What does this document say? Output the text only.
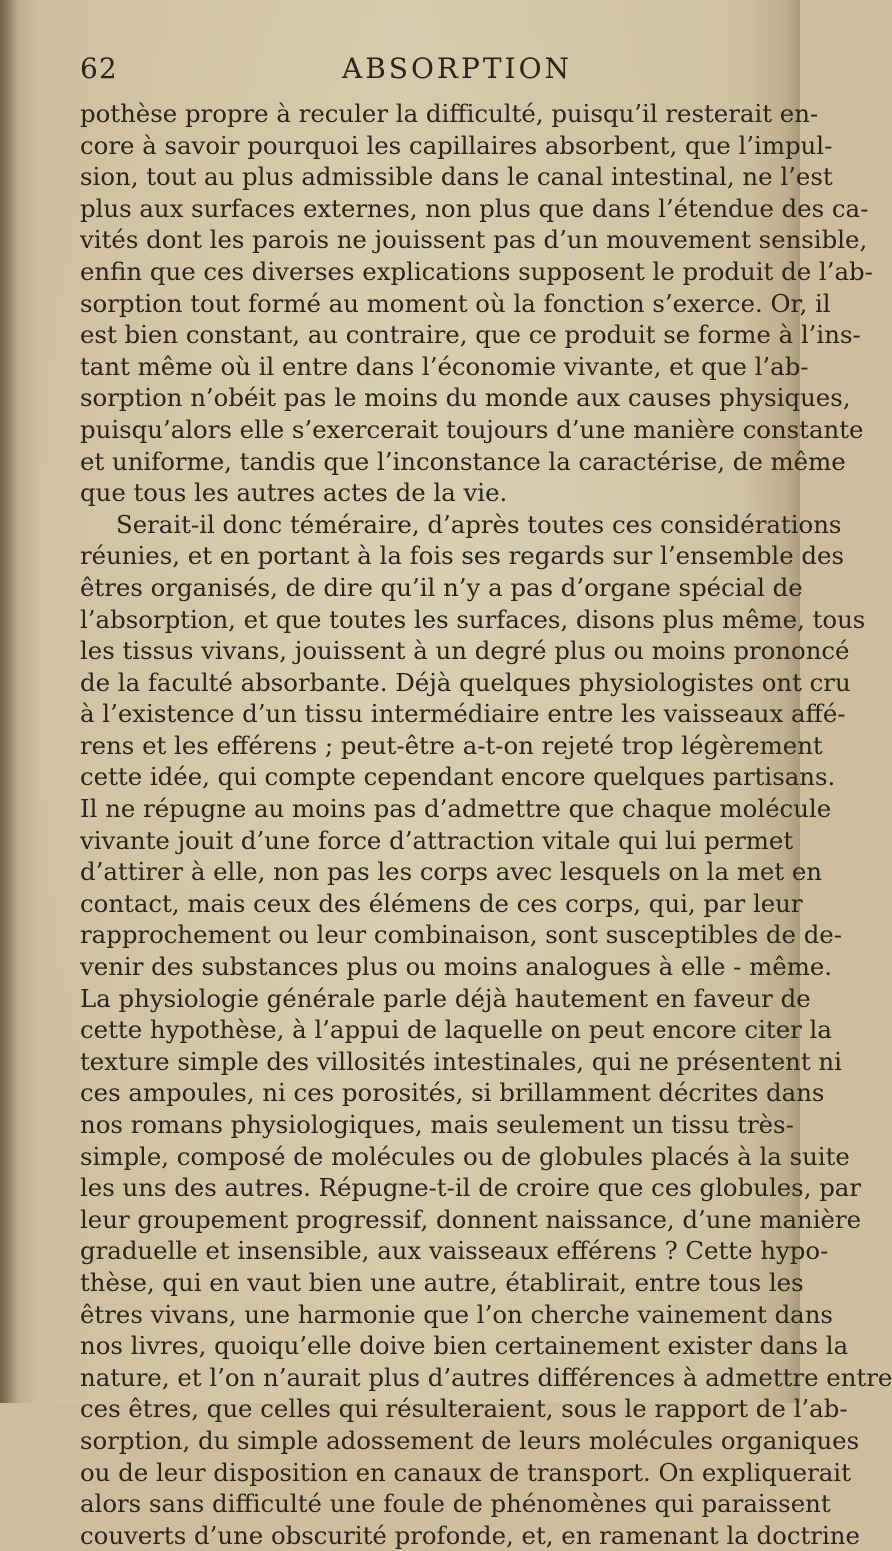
62	ABSORPTION
pothèse propre à reculer la difficulté, puisqu’il resterait en-
core à savoir pourquoi les capillaires absorbent, que l’impul-
sion, tout au plus admissible dans le canal intestinal, ne l’est
plus aux surfaces externes, non plus que dans l’étendue des ca-
vités dont les parois ne jouissent pas d’un mouvement sensible,
enfin que ces diverses explications supposent le produit de l’ab-
sorption tout formé au moment où la fonction s’exerce. Or, il
est bien constant, au contraire, que ce produit se forme à l’ins-
tant même où il entre dans l’économie vivante, et que l’ab-
sorption n’obéit pas le moins du monde aux causes physiques,
puisqu’alors elle s’exercerait toujours d’une manière constante
et uniforme, tandis que l’inconstance la caractérise, de même
que tous les autres actes de la vie.
Serait-il donc téméraire, d’après toutes ces considérations
réunies, et en portant à la fois ses regards sur l’ensemble des
êtres organisés, de dire qu’il n’y a pas d’organe spécial de
l’absorption, et que toutes les surfaces, disons plus même, tous
les tissus vivans, jouissent à un degré plus ou moins prononcé
de la faculté absorbante. Déjà quelques physiologistes ont cru
à l’existence d’un tissu intermédiaire entre les vaisseaux affé-
rens et les efférens ; peut-être a-t-on rejeté trop légèrement
cette idée, qui compte cependant encore quelques partisans.
Il ne répugne au moins pas d’admettre que chaque molécule
vivante jouit d’une force d’attraction vitale qui lui permet
d’attirer à elle, non pas les corps avec lesquels on la met en
contact, mais ceux des élémens de ces corps, qui, par leur
rapprochement ou leur combinaison, sont susceptibles de de-
venir des substances plus ou moins analogues à elle - même.
La physiologie générale parle déjà hautement en faveur de
cette hypothèse, à l’appui de laquelle on peut encore citer la
texture simple des villosités intestinales, qui ne présentent ni
ces ampoules, ni ces porosités, si brillamment décrites dans
nos romans physiologiques, mais seulement un tissu très-
simple, composé de molécules ou de globules placés à la suite
les uns des autres. Répugne-t-il de croire que ces globules, par
leur groupement progressif, donnent naissance, d’une manière
graduelle et insensible, aux vaisseaux efférens ? Cette hypo-
thèse, qui en vaut bien une autre, établirait, entre tous les
êtres vivans, une harmonie que l’on cherche vainement dans
nos livres, quoiqu’elle doive bien certainement exister dans la
nature, et l’on n’aurait plus d’autres différences à admettre entre
ces êtres, que celles qui résulteraient, sous le rapport de l’ab-
sorption, du simple adossement de leurs molécules organiques
ou de leur disposition en canaux de transport. On expliquerait
alors sans difficulté une foule de phénomènes qui paraissent
couverts d’une obscurité profonde, et, en ramenant la doctrine
